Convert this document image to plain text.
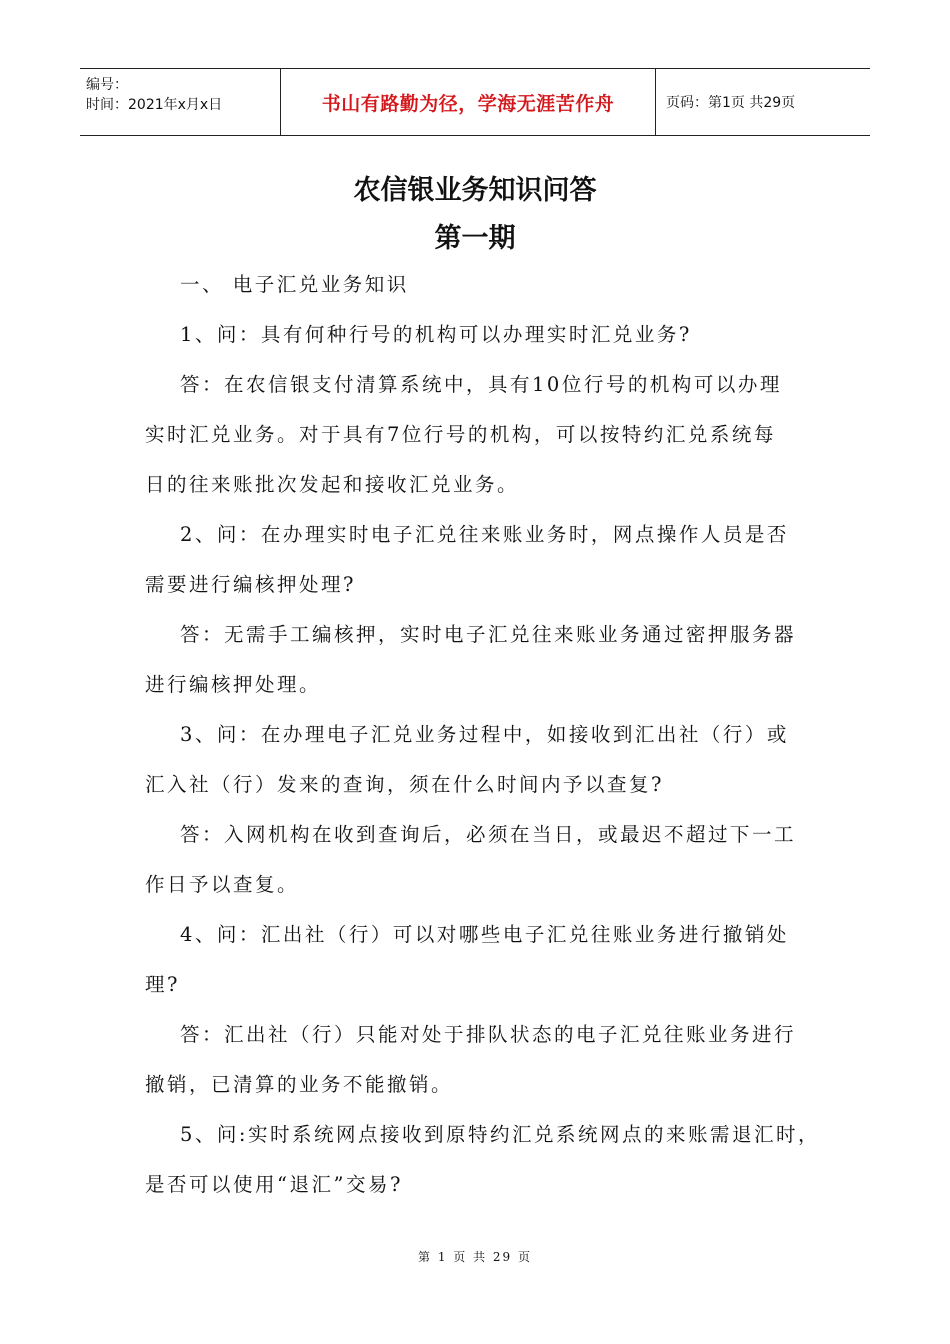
编号：
时间：2021年x月x日	书山有路勤为径，学海无涯苦作舟	页码：第1页 共29页
农信银业务知识问答
第一期
一、 电子汇兑业务知识
1、问：具有何种行号的机构可以办理实时汇兑业务?
答：在农信银支付清算系统中，具有10位行号的机构可以办理
实时汇兑业务。对于具有7位行号的机构，可以按特约汇兑系统每
日的往来账批次发起和接收汇兑业务。
2、问：在办理实时电子汇兑往来账业务时，网点操作人员是否
需要进行编核押处理?
答：无需手工编核押，实时电子汇兑往来账业务通过密押服务器
进行编核押处理。
3、问：在办理电子汇兑业务过程中，如接收到汇出社（行）或
汇入社（行）发来的查询，须在什么时间内予以查复?
答：入网机构在收到查询后，必须在当日，或最迟不超过下一工
作日予以查复。
4、问：汇出社（行）可以对哪些电子汇兑往账业务进行撤销处
理?
答：汇出社（行）只能对处于排队状态的电子汇兑往账业务进行
撤销，已清算的业务不能撤销。
5、问:实时系统网点接收到原特约汇兑系统网点的来账需退汇时，
是否可以使用“退汇”交易?
第 1 页 共 29 页
